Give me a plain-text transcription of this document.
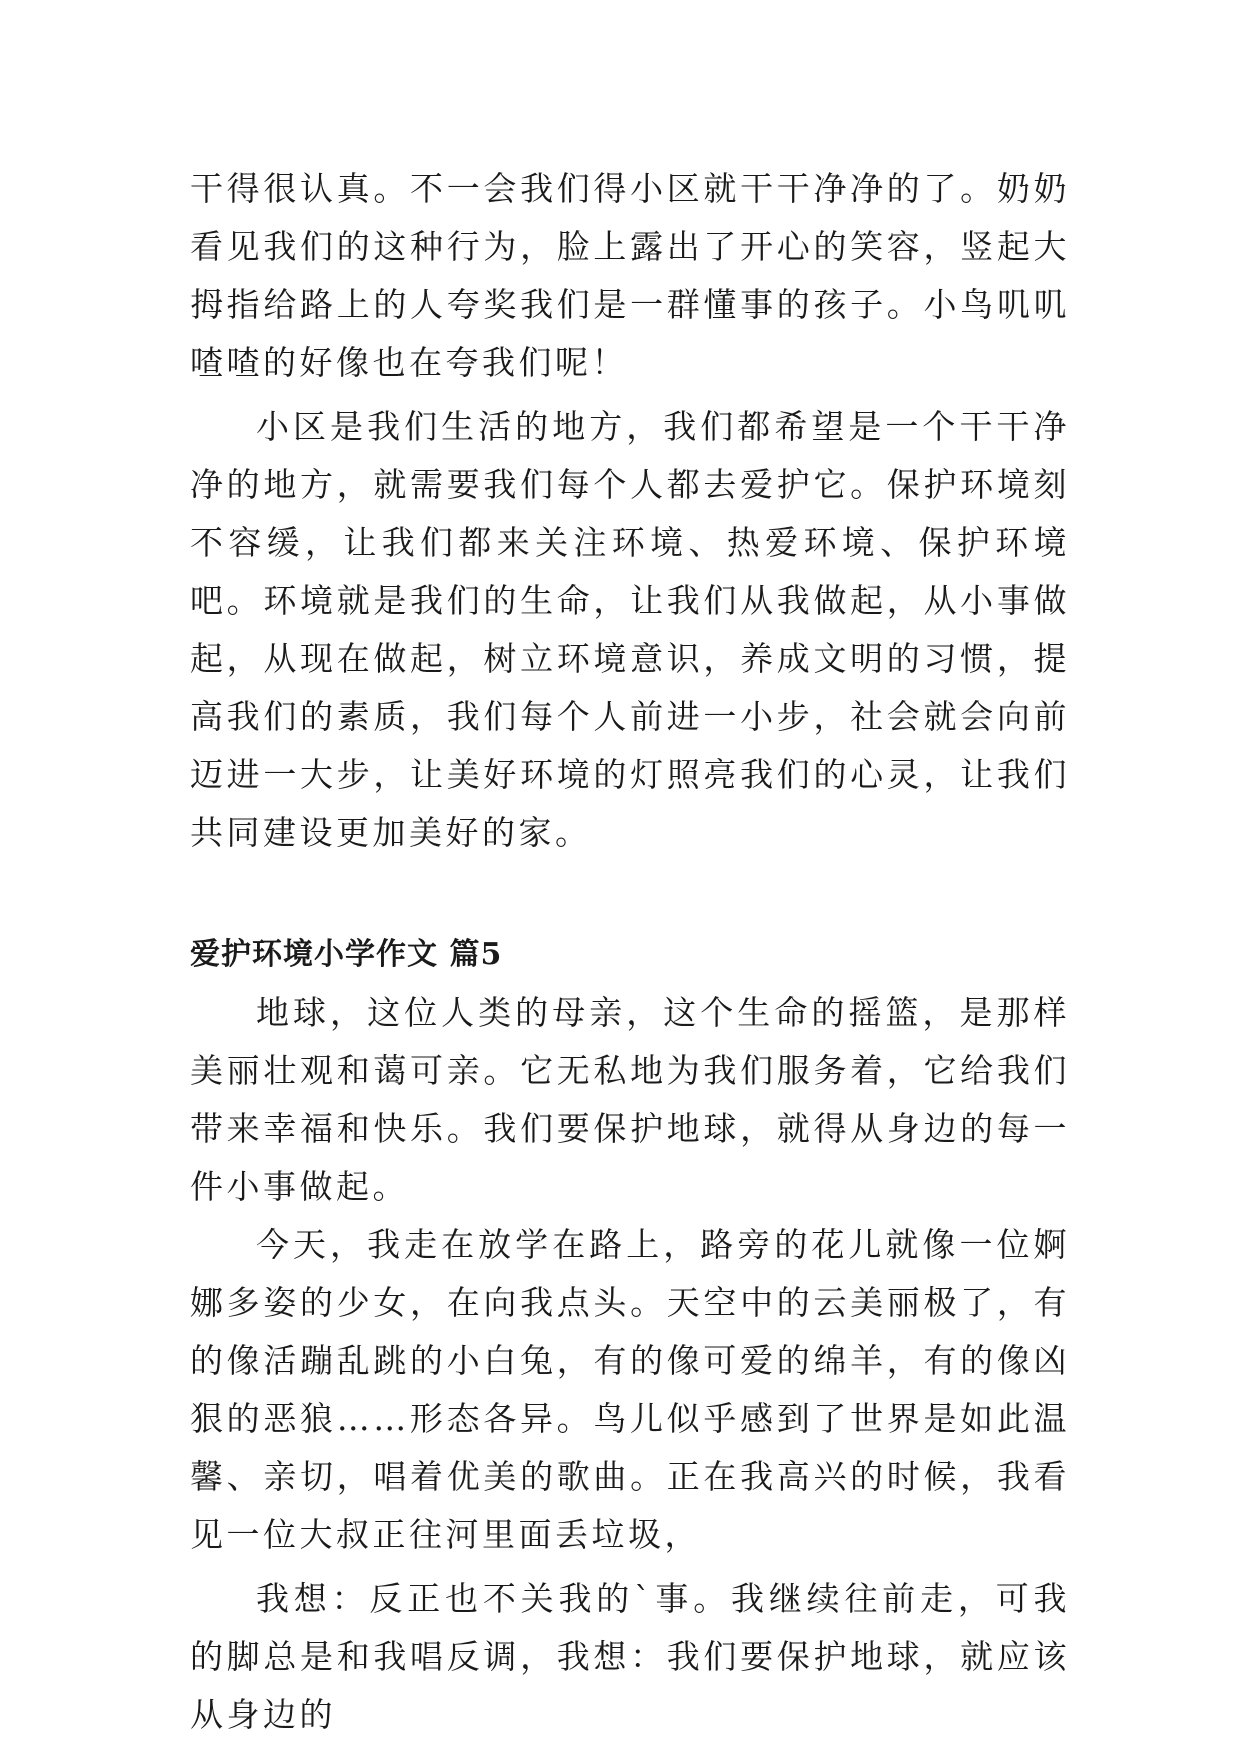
干得很认真。不一会我们得小区就干干净净的了。奶奶看见我们的这种行为，脸上露出了开心的笑容，竖起大拇指给路上的人夸奖我们是一群懂事的孩子。小鸟叽叽喳喳的好像也在夸我们呢！

小区是我们生活的地方，我们都希望是一个干干净净的地方，就需要我们每个人都去爱护它。保护环境刻不容缓，让我们都来关注环境、热爱环境、保护环境吧。环境就是我们的生命，让我们从我做起，从小事做起，从现在做起，树立环境意识，养成文明的习惯，提高我们的素质，我们每个人前进一小步，社会就会向前迈进一大步，让美好环境的灯照亮我们的心灵，让我们共同建设更加美好的家。

爱护环境小学作文 篇5

地球，这位人类的母亲，这个生命的摇篮，是那样美丽壮观和蔼可亲。它无私地为我们服务着，它给我们带来幸福和快乐。我们要保护地球，就得从身边的每一件小事做起。

今天，我走在放学在路上，路旁的花儿就像一位婀娜多姿的少女，在向我点头。天空中的云美丽极了，有的像活蹦乱跳的小白兔，有的像可爱的绵羊，有的像凶狠的恶狼……形态各异。鸟儿似乎感到了世界是如此温馨、亲切，唱着优美的歌曲。正在我高兴的时候，我看见一位大叔正往河里面丢垃圾，

我想：反正也不关我的`事。我继续往前走，可我的脚总是和我唱反调，我想：我们要保护地球，就应该从身边的
